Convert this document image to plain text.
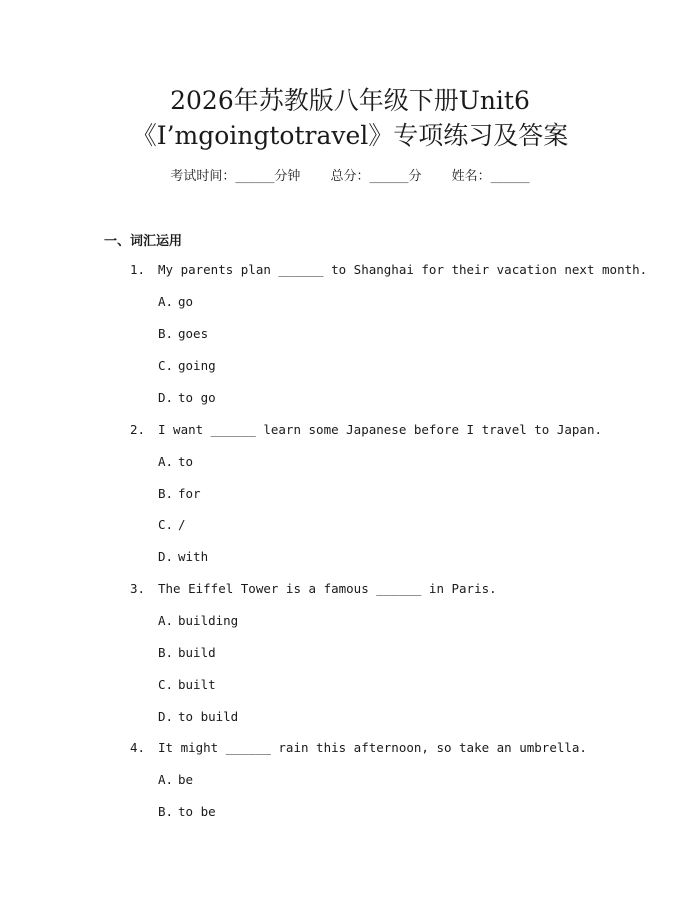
2026年苏教版八年级下册Unit6
《I’mgoingtotravel》专项练习及答案
考试时间：______分钟 总分：______分 姓名：______
一、词汇运用
1. My parents plan ______ to Shanghai for their vacation next month.
A. go
B. goes
C. going
D. to go
2. I want ______ learn some Japanese before I travel to Japan.
A. to
B. for
C. /
D. with
3. The Eiffel Tower is a famous ______ in Paris.
A. building
B. build
C. built
D. to build
4. It might ______ rain this afternoon, so take an umbrella.
A. be
B. to be
